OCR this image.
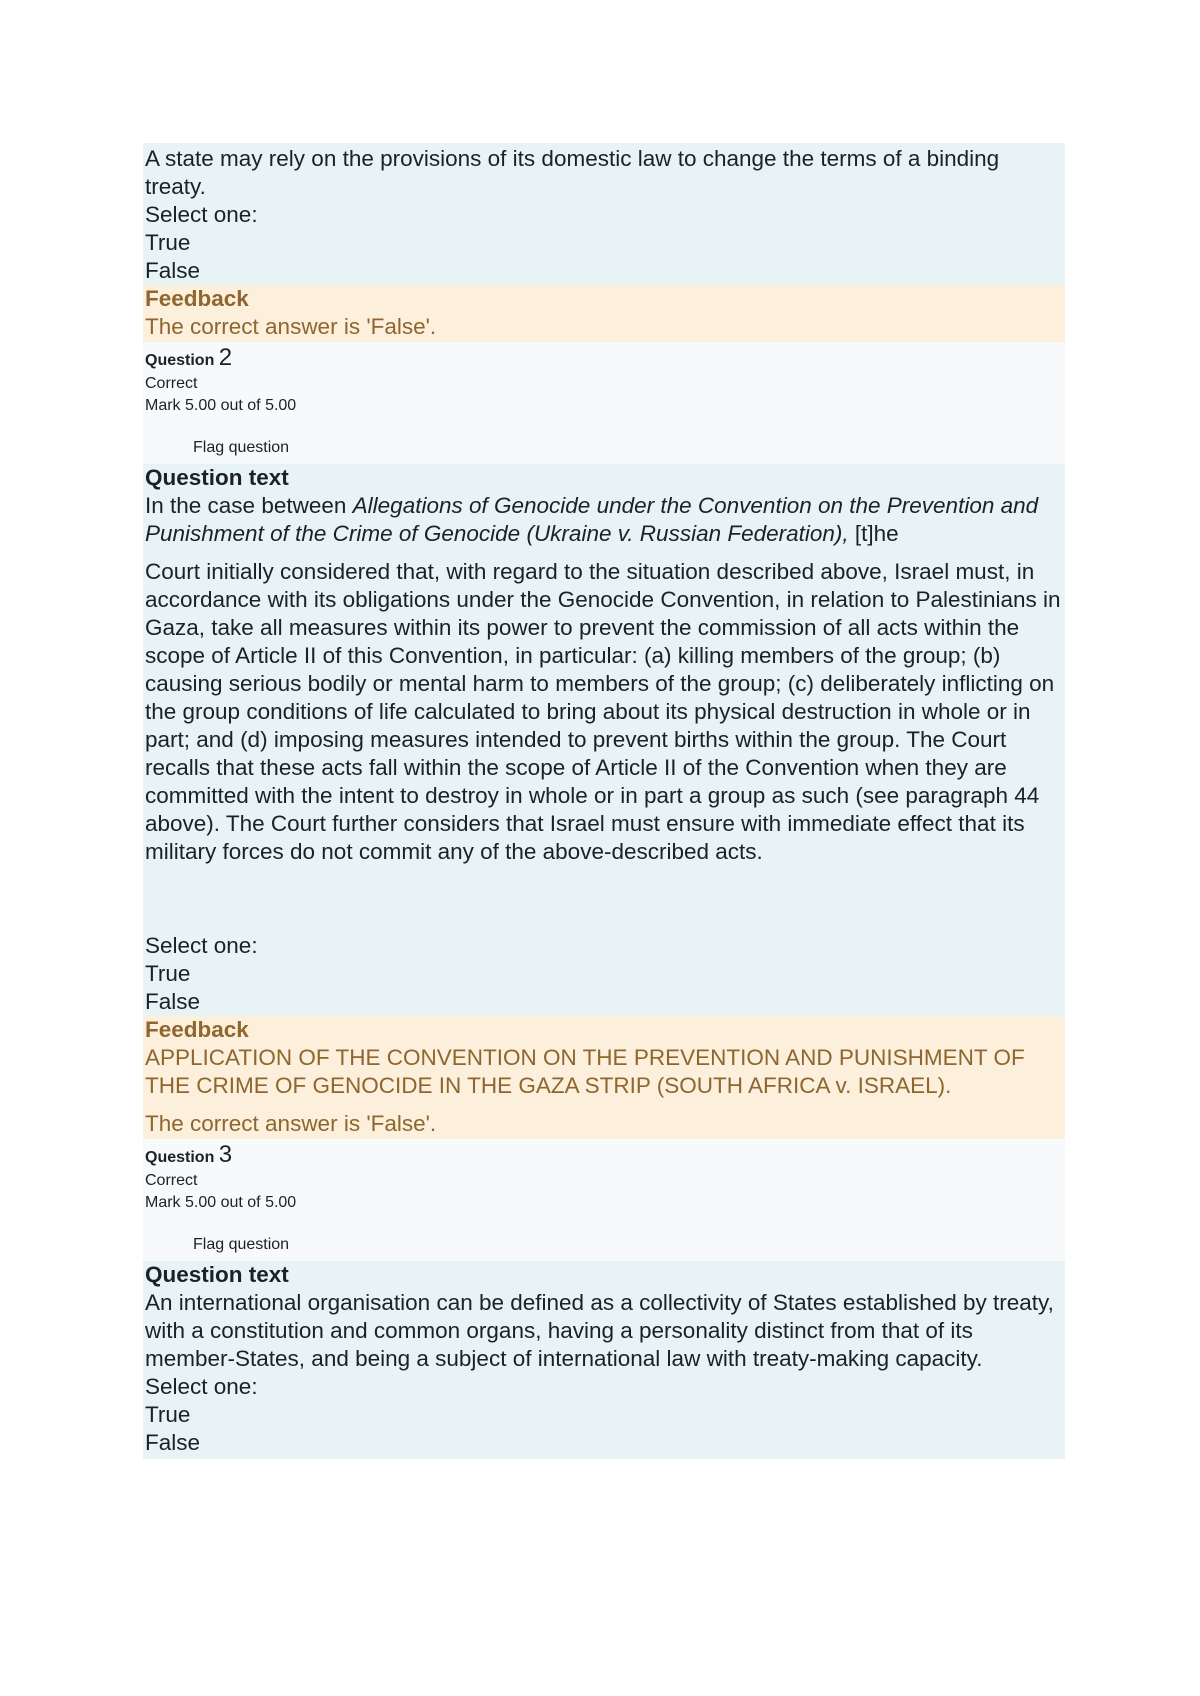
A state may rely on the provisions of its domestic law to change the terms of a binding treaty.

Select one:

True
False
Feedback
The correct answer is 'False'.
Question 2
Correct
Mark 5.00 out of 5.00
Flag question
Question text

In the case between Allegations of Genocide under the Convention on the Prevention and Punishment of the Crime of Genocide (Ukraine v. Russian Federation), [t]he

Court initially considered that, with regard to the situation described above, Israel must, in accordance with its obligations under the Genocide Convention, in relation to Palestinians in Gaza, take all measures within its power to prevent the commission of all acts within the scope of Article II of this Convention, in particular: (a) killing members of the group; (b) causing serious bodily or mental harm to members of the group; (c) deliberately inflicting on the group conditions of life calculated to bring about its physical destruction in whole or in part; and (d) imposing measures intended to prevent births within the group. The Court recalls that these acts fall within the scope of Article II of the Convention when they are committed with the intent to destroy in whole or in part a group as such (see paragraph 44 above). The Court further considers that Israel must ensure with immediate effect that its military forces do not commit any of the above-described acts.

Select one:

True
False
Feedback
APPLICATION OF THE CONVENTION ON THE PREVENTION AND PUNISHMENT OF THE CRIME OF GENOCIDE IN THE GAZA STRIP (SOUTH AFRICA v. ISRAEL).
The correct answer is 'False'.
Question 3
Correct
Mark 5.00 out of 5.00
Flag question
Question text

An international organisation can be defined as a collectivity of States established by treaty, with a constitution and common organs, having a personality distinct from that of its member-States, and being a subject of international law with treaty-making capacity.

Select one:

True
False
